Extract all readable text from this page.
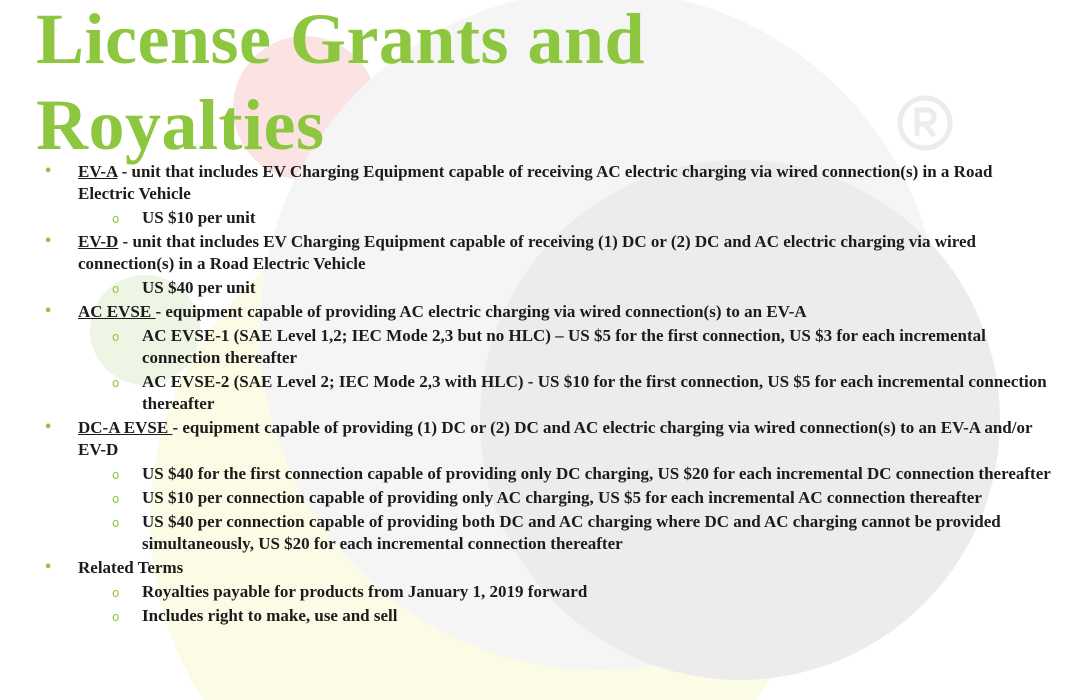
License Grants and
Royalties
• EV-A - unit that includes EV Charging Equipment capable of receiving AC electric charging via wired connection(s) in a Road Electric Vehicle
o US $10 per unit
• EV-D - unit that includes EV Charging Equipment capable of receiving (1) DC or (2) DC and AC electric charging via wired connection(s) in a Road Electric Vehicle
o US $40 per unit
• AC EVSE - equipment capable of providing AC electric charging via wired connection(s) to an EV-A
o AC EVSE-1 (SAE Level 1,2; IEC Mode 2,3 but no HLC) – US $5 for the first connection, US $3 for each incremental connection thereafter
o AC EVSE-2 (SAE Level 2; IEC Mode 2,3 with HLC) - US $10 for the first connection, US $5 for each incremental connection thereafter
• DC-A EVSE - equipment capable of providing (1) DC or (2) DC and AC electric charging via wired connection(s) to an EV-A and/or EV-D
o US $40 for the first connection capable of providing only DC charging, US $20 for each incremental DC connection thereafter
o US $10 per connection capable of providing only AC charging, US $5 for each incremental AC connection thereafter
o US $40 per connection capable of providing both DC and AC charging where DC and AC charging cannot be provided simultaneously, US $20 for each incremental connection thereafter
• Related Terms
o Royalties payable for products from January 1, 2019 forward
o Includes right to make, use and sell
